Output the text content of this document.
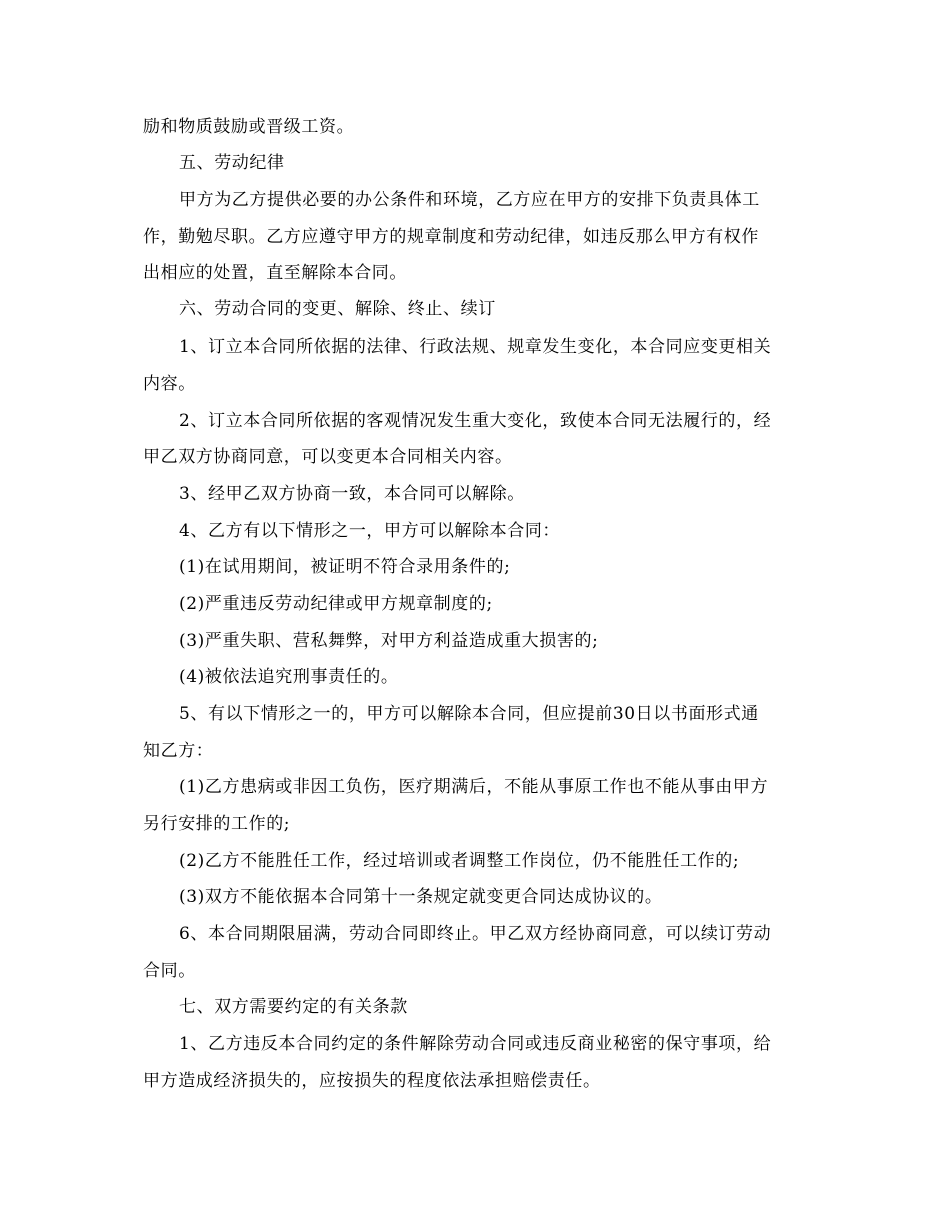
励和物质鼓励或晋级工资。

五、劳动纪律

甲方为乙方提供必要的办公条件和环境，乙方应在甲方的安排下负责具体工

作，勤勉尽职。乙方应遵守甲方的规章制度和劳动纪律，如违反那么甲方有权作

出相应的处置，直至解除本合同。

六、劳动合同的变更、解除、终止、续订

1、订立本合同所依据的法律、行政法规、规章发生变化，本合同应变更相关

内容。

2、订立本合同所依据的客观情况发生重大变化，致使本合同无法履行的，经

甲乙双方协商同意，可以变更本合同相关内容。

3、经甲乙双方协商一致，本合同可以解除。

4、乙方有以下情形之一，甲方可以解除本合同：

(1)在试用期间，被证明不符合录用条件的;

(2)严重违反劳动纪律或甲方规章制度的;

(3)严重失职、营私舞弊，对甲方利益造成重大损害的;

(4)被依法追究刑事责任的。

5、有以下情形之一的，甲方可以解除本合同，但应提前30日以书面形式通

知乙方：

(1)乙方患病或非因工负伤，医疗期满后，不能从事原工作也不能从事由甲方

另行安排的工作的;

(2)乙方不能胜任工作，经过培训或者调整工作岗位，仍不能胜任工作的;

(3)双方不能依据本合同第十一条规定就变更合同达成协议的。

6、本合同期限届满，劳动合同即终止。甲乙双方经协商同意，可以续订劳动

合同。

七、双方需要约定的有关条款

1、乙方违反本合同约定的条件解除劳动合同或违反商业秘密的保守事项，给

甲方造成经济损失的，应按损失的程度依法承担赔偿责任。
